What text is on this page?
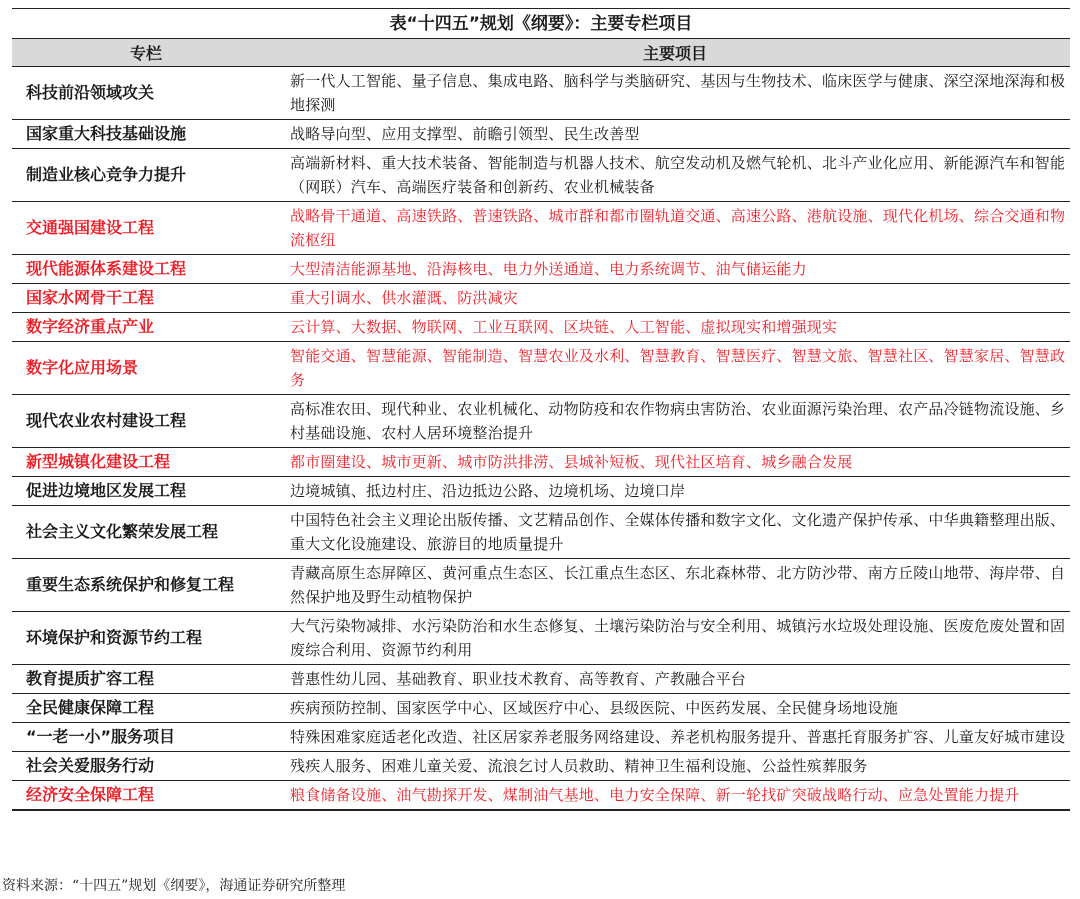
表“十四五”规划《纲要》：主要专栏项目
专栏	主要项目
科技前沿领域攻关	新一代人工智能、量子信息、集成电路、脑科学与类脑研究、基因与生物技术、临床医学与健康、深空深地深海和极地探测
国家重大科技基础设施	战略导向型、应用支撑型、前瞻引领型、民生改善型
制造业核心竞争力提升	高端新材料、重大技术装备、智能制造与机器人技术、航空发动机及燃气轮机、北斗产业化应用、新能源汽车和智能（网联）汽车、高端医疗装备和创新药、农业机械装备
交通强国建设工程	战略骨干通道、高速铁路、普速铁路、城市群和都市圈轨道交通、高速公路、港航设施、现代化机场、综合交通和物流枢纽
现代能源体系建设工程	大型清洁能源基地、沿海核电、电力外送通道、电力系统调节、油气储运能力
国家水网骨干工程	重大引调水、供水灌溉、防洪减灾
数字经济重点产业	云计算、大数据、物联网、工业互联网、区块链、人工智能、虚拟现实和增强现实
数字化应用场景	智能交通、智慧能源、智能制造、智慧农业及水利、智慧教育、智慧医疗、智慧文旅、智慧社区、智慧家居、智慧政务
现代农业农村建设工程	高标准农田、现代种业、农业机械化、动物防疫和农作物病虫害防治、农业面源污染治理、农产品冷链物流设施、乡村基础设施、农村人居环境整治提升
新型城镇化建设工程	都市圈建设、城市更新、城市防洪排涝、县城补短板、现代社区培育、城乡融合发展
促进边境地区发展工程	边境城镇、抵边村庄、沿边抵边公路、边境机场、边境口岸
社会主义文化繁荣发展工程	中国特色社会主义理论出版传播、文艺精品创作、全媒体传播和数字文化、文化遗产保护传承、中华典籍整理出版、重大文化设施建设、旅游目的地质量提升
重要生态系统保护和修复工程	青藏高原生态屏障区、黄河重点生态区、长江重点生态区、东北森林带、北方防沙带、南方丘陵山地带、海岸带、自然保护地及野生动植物保护
环境保护和资源节约工程	大气污染物减排、水污染防治和水生态修复、土壤污染防治与安全利用、城镇污水垃圾处理设施、医废危废处置和固废综合利用、资源节约利用
教育提质扩容工程	普惠性幼儿园、基础教育、职业技术教育、高等教育、产教融合平台
全民健康保障工程	疾病预防控制、国家医学中心、区域医疗中心、县级医院、中医药发展、全民健身场地设施
“一老一小”服务项目	特殊困难家庭适老化改造、社区居家养老服务网络建设、养老机构服务提升、普惠托育服务扩容、儿童友好城市建设
社会关爱服务行动	残疾人服务、困难儿童关爱、流浪乞讨人员救助、精神卫生福利设施、公益性殡葬服务
经济安全保障工程	粮食储备设施、油气勘探开发、煤制油气基地、电力安全保障、新一轮找矿突破战略行动、应急处置能力提升
资料来源：“十四五”规划《纲要》，海通证券研究所整理
